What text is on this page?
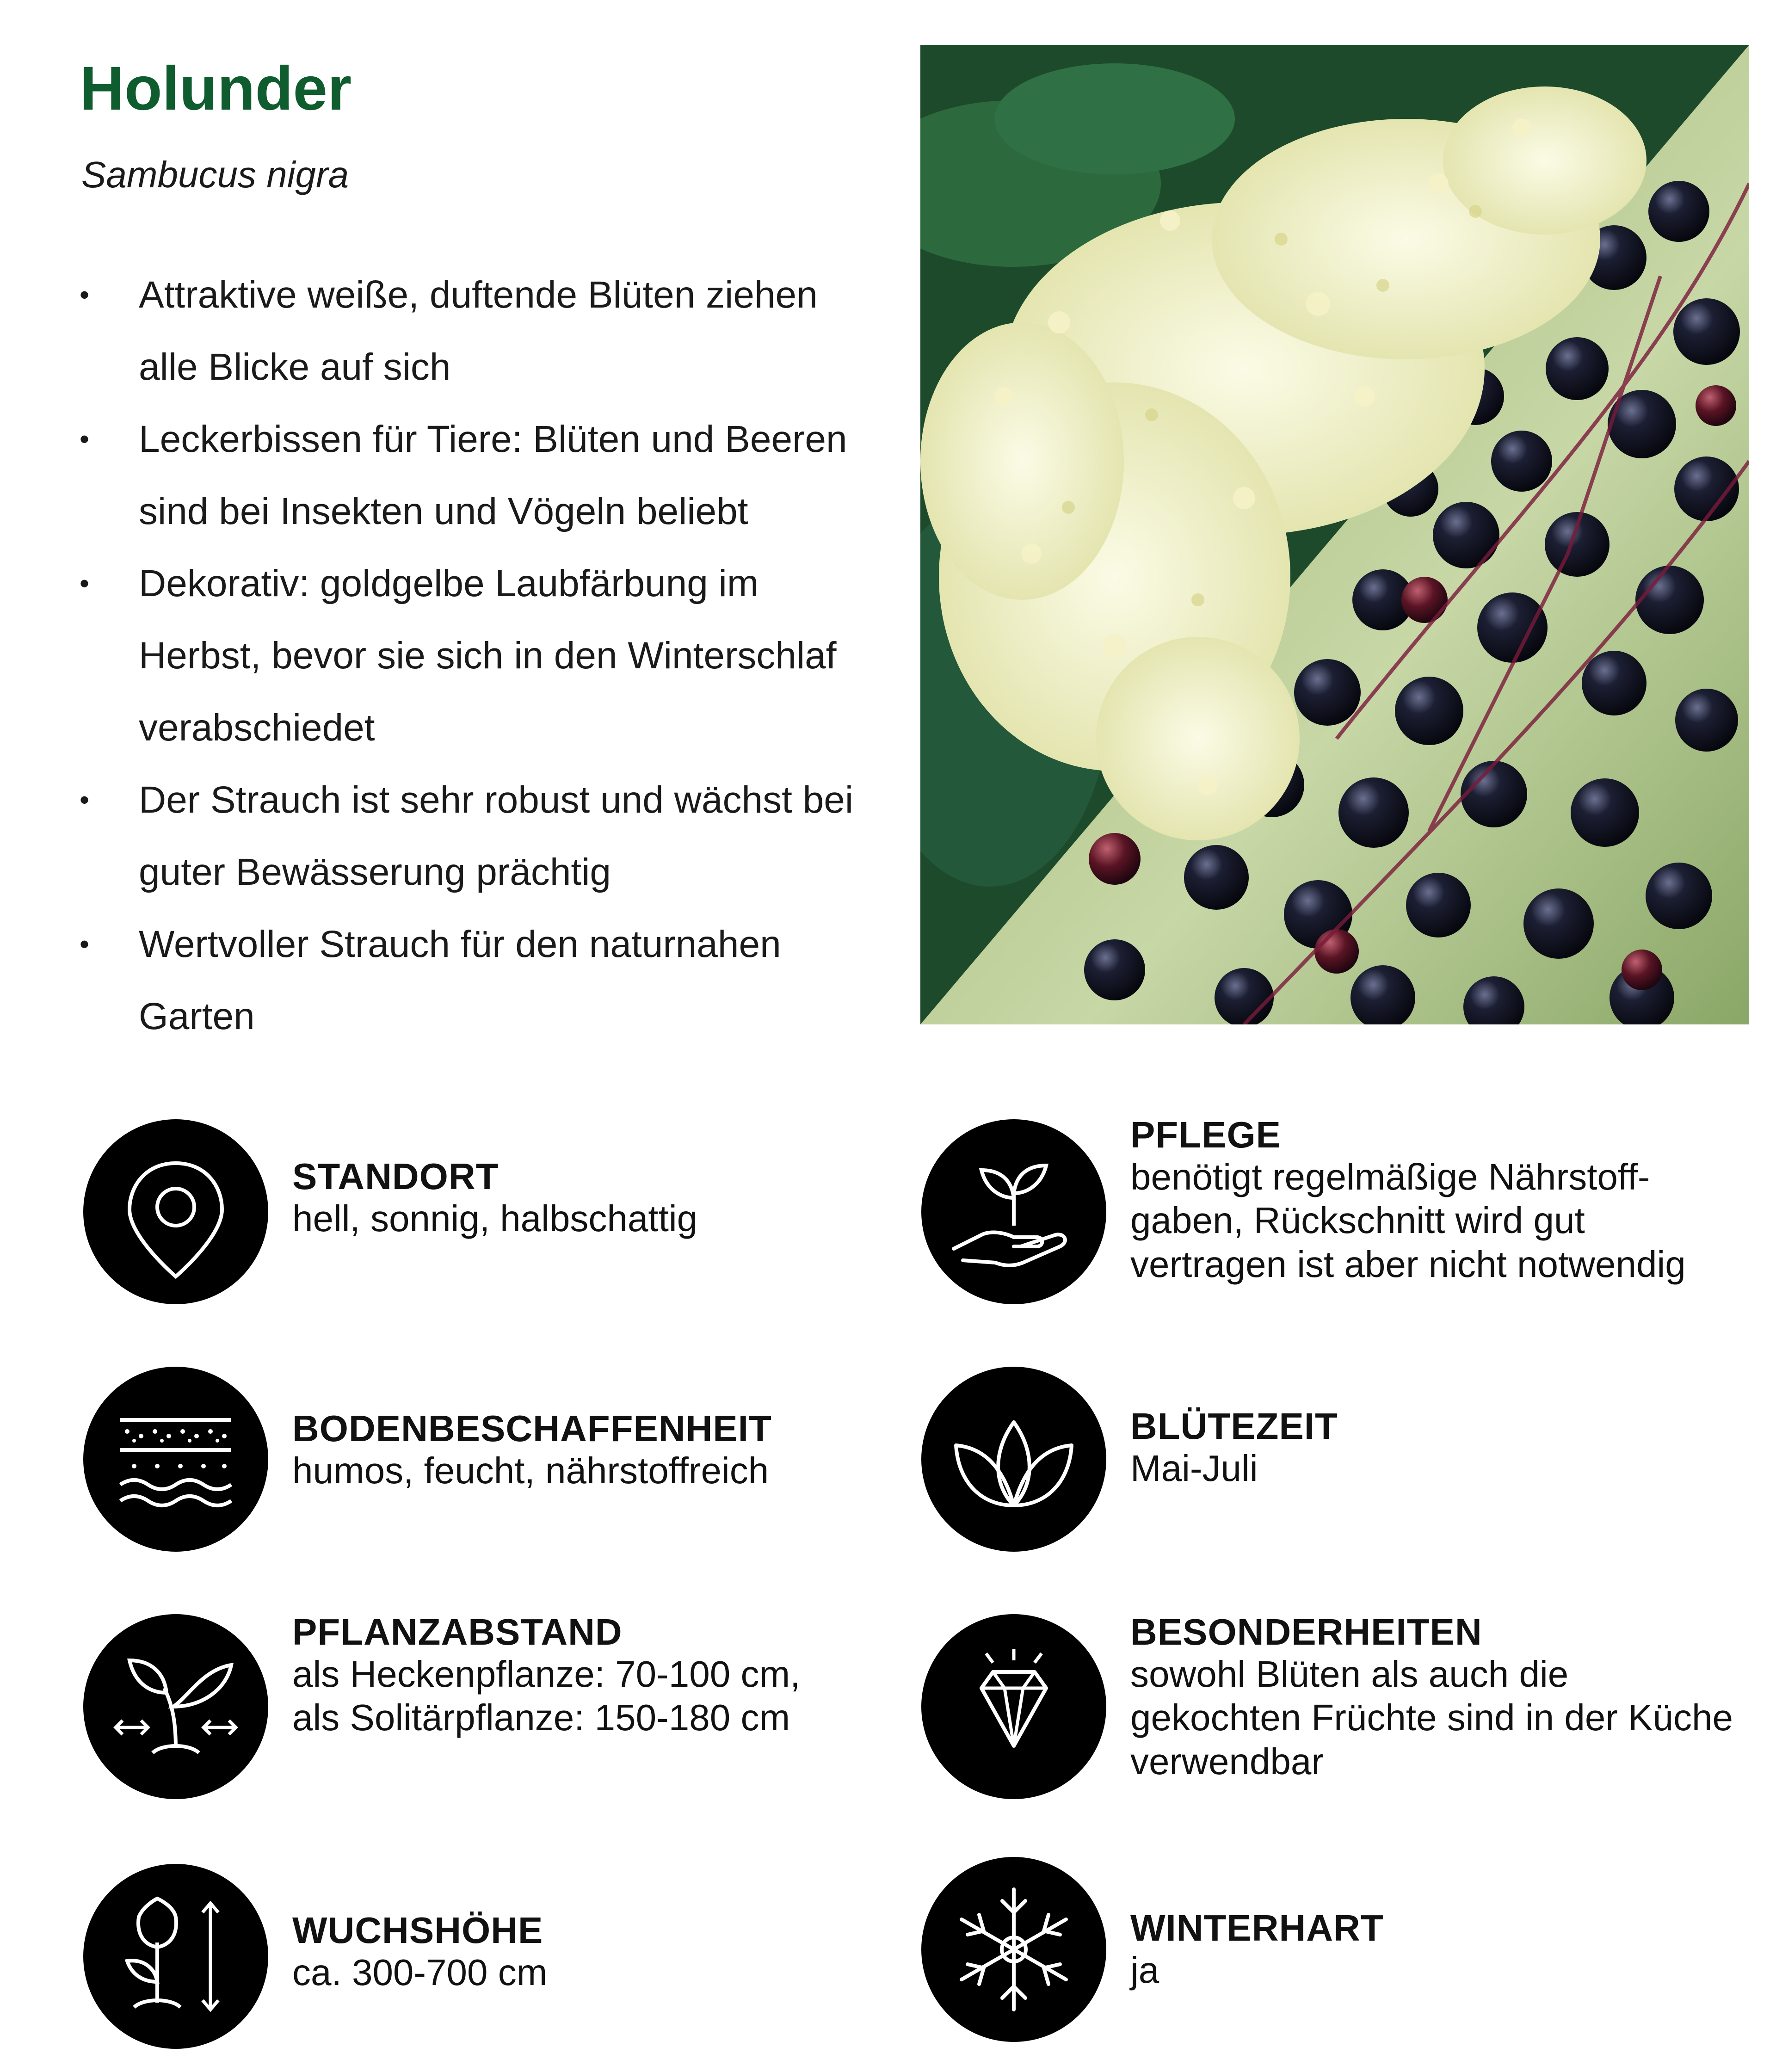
Holunder
Sambucus nigra
• Attraktive weiße, duftende Blüten ziehen alle Blicke auf sich
• Leckerbissen für Tiere: Blüten und Beeren sind bei Insekten und Vögeln beliebt
• Dekorativ: goldgelbe Laubfärbung im Herbst, bevor sie sich in den Winterschlaf verabschiedet
• Der Strauch ist sehr robust und wächst bei guter Bewässerung prächtig
• Wertvoller Strauch für den naturnahen Garten
STANDORT
hell, sonnig, halbschattig
PFLEGE
benötigt regelmäßige Nährstoff-gaben, Rückschnitt wird gut vertragen ist aber nicht notwendig
BODENBESCHAFFENHEIT
humos, feucht, nährstoffreich
BLÜTEZEIT
Mai-Juli
PFLANZABSTAND
als Heckenpflanze: 70-100 cm,
als Solitärpflanze: 150-180 cm
BESONDERHEITEN
sowohl Blüten als auch die gekochten Früchte sind in der Küche verwendbar
WUCHSHÖHE
ca. 300-700 cm
WINTERHART
ja
